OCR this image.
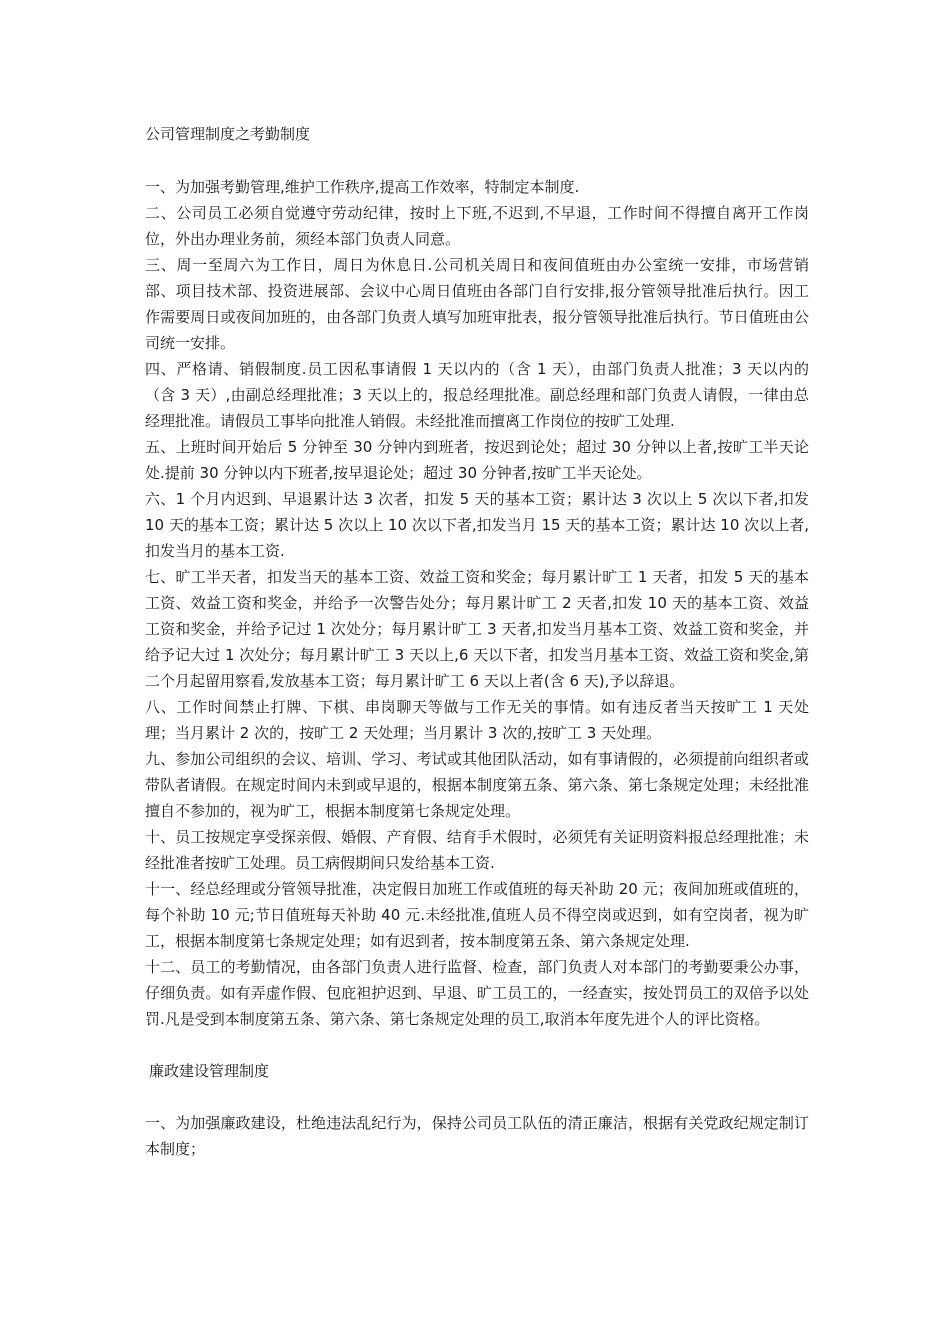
公司管理制度之考勤制度

一、为加强考勤管理,维护工作秩序,提高工作效率，特制定本制度.

二、公司员工必须自觉遵守劳动纪律，按时上下班,不迟到,不早退，工作时间不得擅自离开工作岗位，外出办理业务前，须经本部门负责人同意。

三、周一至周六为工作日，周日为休息日.公司机关周日和夜间值班由办公室统一安排，市场营销部、项目技术部、投资进展部、会议中心周日值班由各部门自行安排,报分管领导批准后执行。因工作需要周日或夜间加班的，由各部门负责人填写加班审批表，报分管领导批准后执行。节日值班由公司统一安排。

四、严格请、销假制度.员工因私事请假 1 天以内的（含 1 天），由部门负责人批准；3 天以内的（含 3 天）,由副总经理批准；3 天以上的，报总经理批准。副总经理和部门负责人请假，一律由总经理批准。请假员工事毕向批准人销假。未经批准而擅离工作岗位的按旷工处理.

五、上班时间开始后 5 分钟至 30 分钟内到班者，按迟到论处；超过 30 分钟以上者,按旷工半天论处.提前 30 分钟以内下班者,按早退论处；超过 30 分钟者,按旷工半天论处。

六、1 个月内迟到、早退累计达 3 次者，扣发 5 天的基本工资；累计达 3 次以上 5 次以下者,扣发 10 天的基本工资；累计达 5 次以上 10 次以下者,扣发当月 15 天的基本工资；累计达 10 次以上者,扣发当月的基本工资.

七、旷工半天者，扣发当天的基本工资、效益工资和奖金；每月累计旷工 1 天者，扣发 5 天的基本工资、效益工资和奖金，并给予一次警告处分；每月累计旷工 2 天者,扣发 10 天的基本工资、效益工资和奖金，并给予记过 1 次处分；每月累计旷工 3 天者,扣发当月基本工资、效益工资和奖金，并给予记大过 1 次处分；每月累计旷工 3 天以上,6 天以下者，扣发当月基本工资、效益工资和奖金,第二个月起留用察看,发放基本工资；每月累计旷工 6 天以上者(含 6 天),予以辞退。

八、工作时间禁止打牌、下棋、串岗聊天等做与工作无关的事情。如有违反者当天按旷工 1 天处理；当月累计 2 次的，按旷工 2 天处理；当月累计 3 次的,按旷工 3 天处理。

九、参加公司组织的会议、培训、学习、考试或其他团队活动，如有事请假的，必须提前向组织者或带队者请假。在规定时间内未到或早退的，根据本制度第五条、第六条、第七条规定处理；未经批准擅自不参加的，视为旷工，根据本制度第七条规定处理。

十、员工按规定享受探亲假、婚假、产育假、结育手术假时，必须凭有关证明资料报总经理批准；未经批准者按旷工处理。员工病假期间只发给基本工资.

十一、经总经理或分管领导批准，决定假日加班工作或值班的每天补助 20 元；夜间加班或值班的，每个补助 10 元;节日值班每天补助 40 元.未经批准,值班人员不得空岗或迟到，如有空岗者，视为旷工，根据本制度第七条规定处理；如有迟到者，按本制度第五条、第六条规定处理.

十二、员工的考勤情况，由各部门负责人进行监督、检查，部门负责人对本部门的考勤要秉公办事，仔细负责。如有弄虚作假、包庇袒护迟到、早退、旷工员工的，一经查实，按处罚员工的双倍予以处罚.凡是受到本制度第五条、第六条、第七条规定处理的员工,取消本年度先进个人的评比资格。

廉政建设管理制度

一、为加强廉政建设，杜绝违法乱纪行为，保持公司员工队伍的清正廉洁，根据有关党政纪规定制订本制度；
